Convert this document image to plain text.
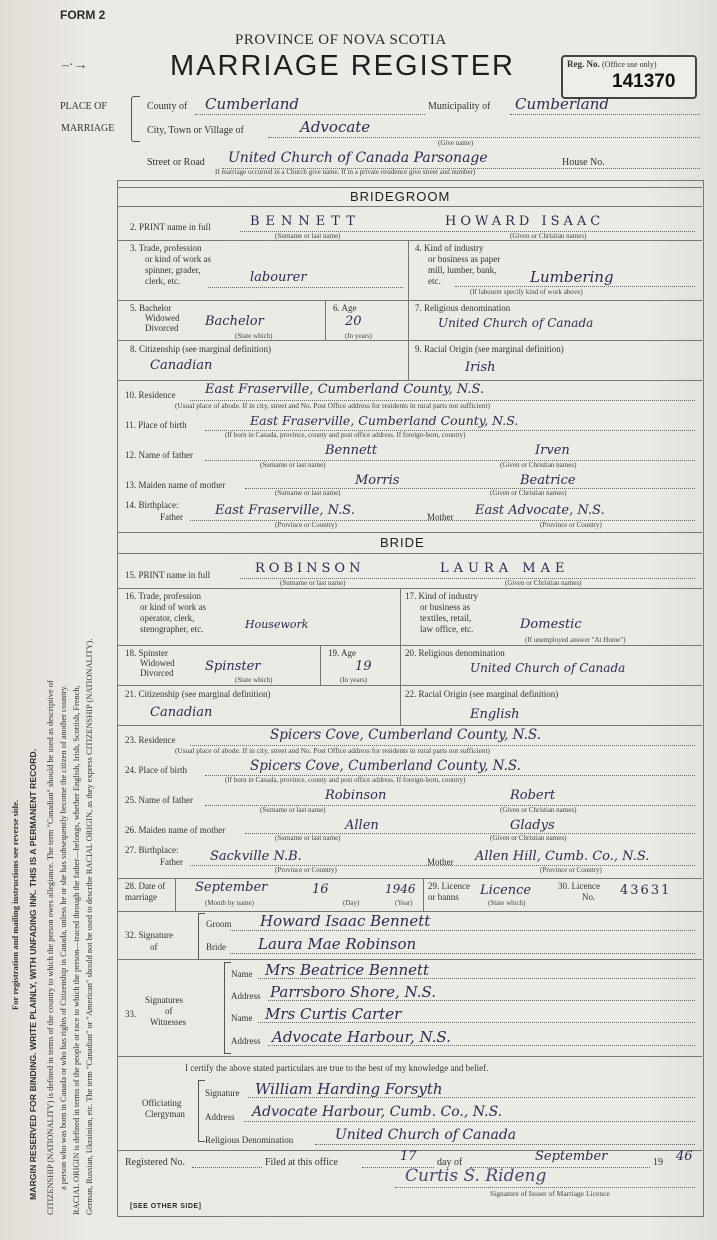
FORM 2
–·→
PROVINCE OF NOVA SCOTIA
MARRIAGE REGISTER	Reg. No. (Office use only)
141370
PLACE OF
MARRIAGE
County of Cumberland	Municipality of Cumberland
City, Town or Village of	Advocate
(Give name)
Street or Road United Church of Canada Parsonage	House No.
If marriage occurred in a Church give name. If in a private residence give street and number)
For registration and mailing instructions see reverse side. MARGIN RESERVED FOR BINDING. WRITE PLAINLY, WITH UNFADING INK. THIS IS A PERMANENT RECORD. CITIZENSHIP (NATIONALITY) is defined in terms of the country to which the person owes allegiance. The term "Canadian" should be used as descriptive of a person who was born in Canada or who has rights of Citizenship in Canada, unless he or she has subsequently become the citizen of another country. RACIAL ORIGIN is defined in terms of the people or race to which the person—traced through the father—belongs, whether English, Irish, Scottish, French, German, Russian, Ukrainian, etc. The term "Canadian" or "American" should not be used to describe RACIAL ORIGIN, as they express CITIZENSHIP (NATIONALITY).
BRIDEGROOM
2. PRINT name in full	BENNETT	HOWARD ISAAC
(Surname or last name)	(Given or Christian names)
3. Trade, profession
or kind of work as
spinner, grader,
clerk, etc.	labourer
4. Kind of industry
or business as paper
mill, lumber, bank,
etc.	Lumbering
(If labourer specify kind of work above)
5. Bachelor
Widowed
Divorced Bachelor
(State which)
6. Age
20
(In years)
7. Religious denomination
United Church of Canada
8. Citizenship (see marginal definition)
Canadian
9. Racial Origin (see marginal definition)
Irish
10. Residence East Fraserville, Cumberland County, N.S.
(Usual place of abode. If in city, street and No. Post Office address for residents in rural parts not sufficient)
11. Place of birth	East Fraserville, Cumberland County, N.S.
(If born in Canada, province, county and post office address. If foreign-born, country)
12. Name of father	Bennett	Irven
(Surname or last name)	(Given or Christian names)
13. Maiden name of mother	Morris	Beatrice
(Surname or last name)	(Given or Christian names)
14. Birthplace:
Father East Fraserville, N.S.	Mother East Advocate, N.S.
(Province or Country)	(Province or Country)
BRIDE
15. PRINT name in full	ROBINSON	LAURA MAE
(Surname or last name)	(Given or Christian names)
16. Trade, profession
or kind of work as
operator, clerk,
stenographer, etc.	Housework
17. Kind of industry
or business as
textiles, retail,
law office, etc.	Domestic
(If unemployed answer "At Home")
18. Spinster
Widowed
Divorced Spinster
(State which)
19. Age
19
(In years)
20. Religious denomination
United Church of Canada
21. Citizenship (see marginal definition)
Canadian
22. Racial Origin (see marginal definition)
English
23. Residence	Spicers Cove, Cumberland County, N.S.
(Usual place of abode. If in city, street and No. Post Office address for residents in rural parts not sufficient)
24. Place of birth	Spicers Cove, Cumberland County, N.S.
(If born in Canada, province, county and post office address. If foreign-born, country)
25. Name of father	Robinson	Robert
(Surname or last name)	(Given or Christian names)
26. Maiden name of mother	Allen	Gladys
(Surname or last name)	(Given or Christian names)
27. Birthplace:
Father Sackville N.B.	Mother Allen Hill, Cumb. Co., N.S.
(Province or Country)	(Province or Country)
28. Date of
marriage
September	16	1946
(Month by name)	(Day)	(Year)
29. Licence
or banns Licence
(State which)
30. Licence
No. 43631
32. Signature
of
Groom Howard Isaac Bennett
Bride Laura Mae Robinson
33.
Signatures
of
Witnesses
Name Mrs Beatrice Bennett
Address Parrsboro Shore, N.S.
Name Mrs Curtis Carter
Address Advocate Harbour, N.S.
I certify the above stated particulars are true to the best of my knowledge and belief.
Officiating
Clergyman
Signature William Harding Forsyth
Address Advocate Harbour, Cumb. Co., N.S.
Religious Denomination	United Church of Canada
Registered No.	Filed at this office	17 day of	September	19 46
Curtis S. Rideng
Signature of Issuer of Marriage Licence
[SEE OTHER SIDE]
